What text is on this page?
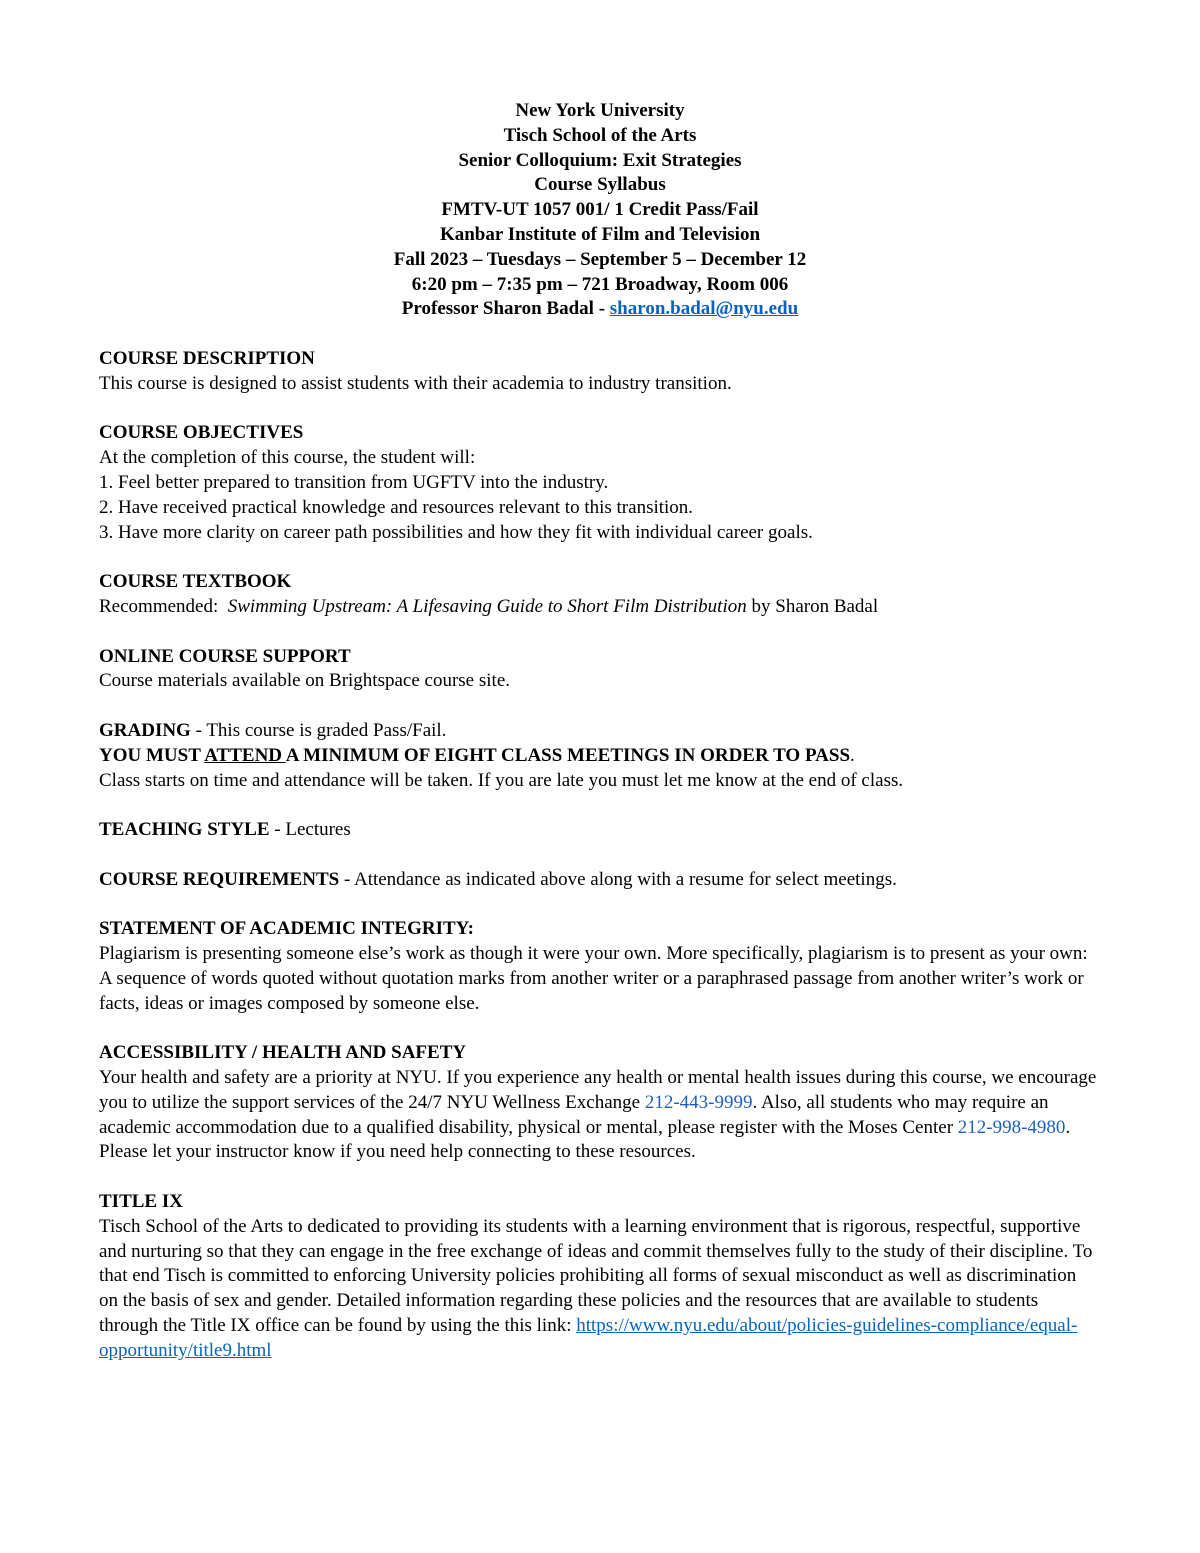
New York University
Tisch School of the Arts
Senior Colloquium: Exit Strategies
Course Syllabus
FMTV-UT 1057 001/ 1 Credit Pass/Fail
Kanbar Institute of Film and Television
Fall 2023 – Tuesdays – September 5 – December 12
6:20 pm – 7:35 pm – 721 Broadway, Room 006
Professor Sharon Badal - sharon.badal@nyu.edu
COURSE DESCRIPTION
This course is designed to assist students with their academia to industry transition.
COURSE OBJECTIVES
At the completion of this course, the student will:
1. Feel better prepared to transition from UGFTV into the industry.
2. Have received practical knowledge and resources relevant to this transition.
3. Have more clarity on career path possibilities and how they fit with individual career goals.
COURSE TEXTBOOK
Recommended:  Swimming Upstream: A Lifesaving Guide to Short Film Distribution by Sharon Badal
ONLINE COURSE SUPPORT
Course materials available on Brightspace course site.
GRADING - This course is graded Pass/Fail.
YOU MUST ATTEND A MINIMUM OF EIGHT CLASS MEETINGS IN ORDER TO PASS.
Class starts on time and attendance will be taken. If you are late you must let me know at the end of class.
TEACHING STYLE - Lectures
COURSE REQUIREMENTS - Attendance as indicated above along with a resume for select meetings.
STATEMENT OF ACADEMIC INTEGRITY:
Plagiarism is presenting someone else’s work as though it were your own. More specifically, plagiarism is to present as your own: A sequence of words quoted without quotation marks from another writer or a paraphrased passage from another writer’s work or facts, ideas or images composed by someone else.
ACCESSIBILITY / HEALTH AND SAFETY
Your health and safety are a priority at NYU. If you experience any health or mental health issues during this course, we encourage you to utilize the support services of the 24/7 NYU Wellness Exchange 212-443-9999. Also, all students who may require an academic accommodation due to a qualified disability, physical or mental, please register with the Moses Center 212-998-4980. Please let your instructor know if you need help connecting to these resources.
TITLE IX
Tisch School of the Arts to dedicated to providing its students with a learning environment that is rigorous, respectful, supportive and nurturing so that they can engage in the free exchange of ideas and commit themselves fully to the study of their discipline. To that end Tisch is committed to enforcing University policies prohibiting all forms of sexual misconduct as well as discrimination on the basis of sex and gender. Detailed information regarding these policies and the resources that are available to students through the Title IX office can be found by using the this link: https://www.nyu.edu/about/policies-guidelines-compliance/equal-opportunity/title9.html
